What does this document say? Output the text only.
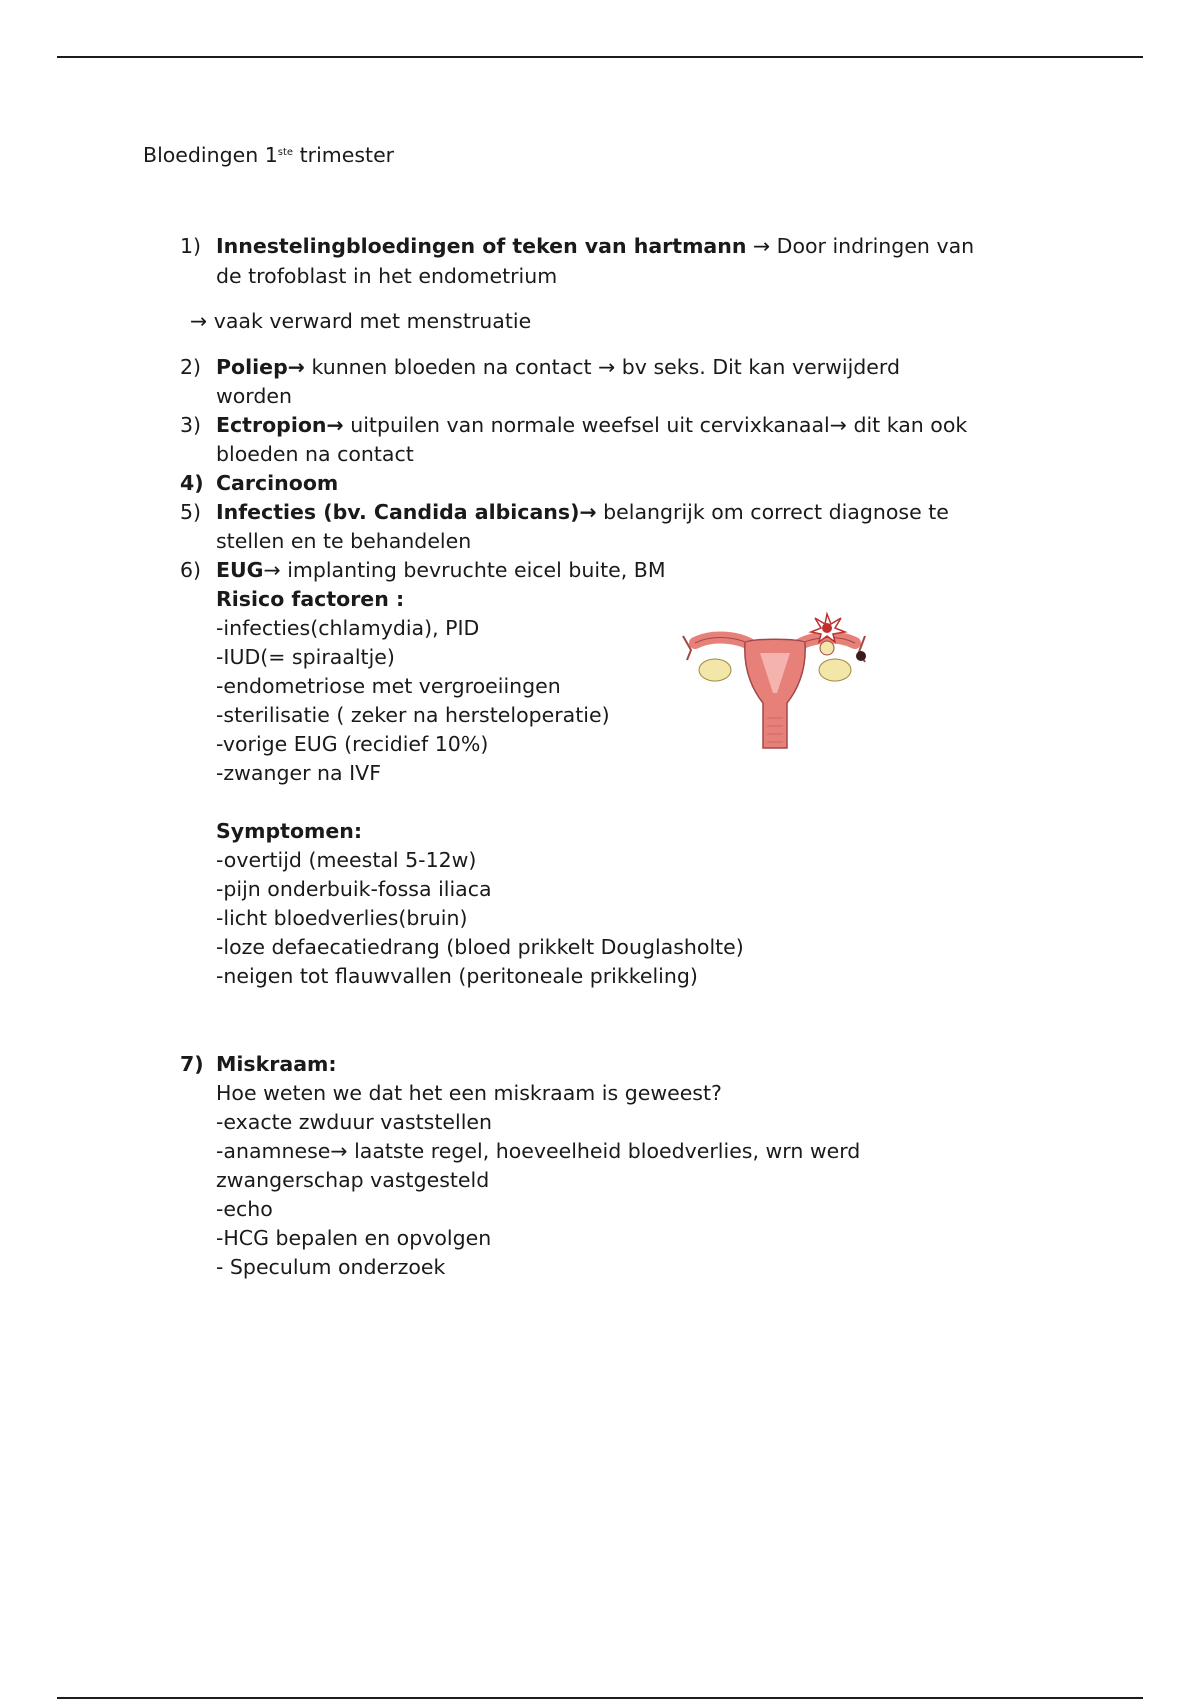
Bloedingen 1ste trimester
1) Innestelingbloedingen of teken van hartmann → Door indringen van
de trofoblast in het endometrium
→ vaak verward met menstruatie
2) Poliep→ kunnen bloeden na contact → bv seks. Dit kan verwijderd
worden
3) Ectropion→ uitpuilen van normale weefsel uit cervixkanaal→ dit kan ook
bloeden na contact
4) Carcinoom
5) Infecties (bv. Candida albicans)→ belangrijk om correct diagnose te
stellen en te behandelen
6) EUG→ implanting bevruchte eicel buite, BM
Risico factoren :
-infecties(chlamydia), PID
-IUD(= spiraaltje)
-endometriose met vergroeiingen
-sterilisatie ( zeker na hersteloperatie)
-vorige EUG (recidief 10%)
-zwanger na IVF
Symptomen:
-overtijd (meestal 5-12w)
-pijn onderbuik-fossa iliaca
-licht bloedverlies(bruin)
-loze defaecatiedrang (bloed prikkelt Douglasholte)
-neigen tot flauwvallen (peritoneale prikkeling)
7) Miskraam:
Hoe weten we dat het een miskraam is geweest?
-exacte zwduur vaststellen
-anamnese→ laatste regel, hoeveelheid bloedverlies, wrn werd
zwangerschap vastgesteld
-echo
-HCG bepalen en opvolgen
- Speculum onderzoek
